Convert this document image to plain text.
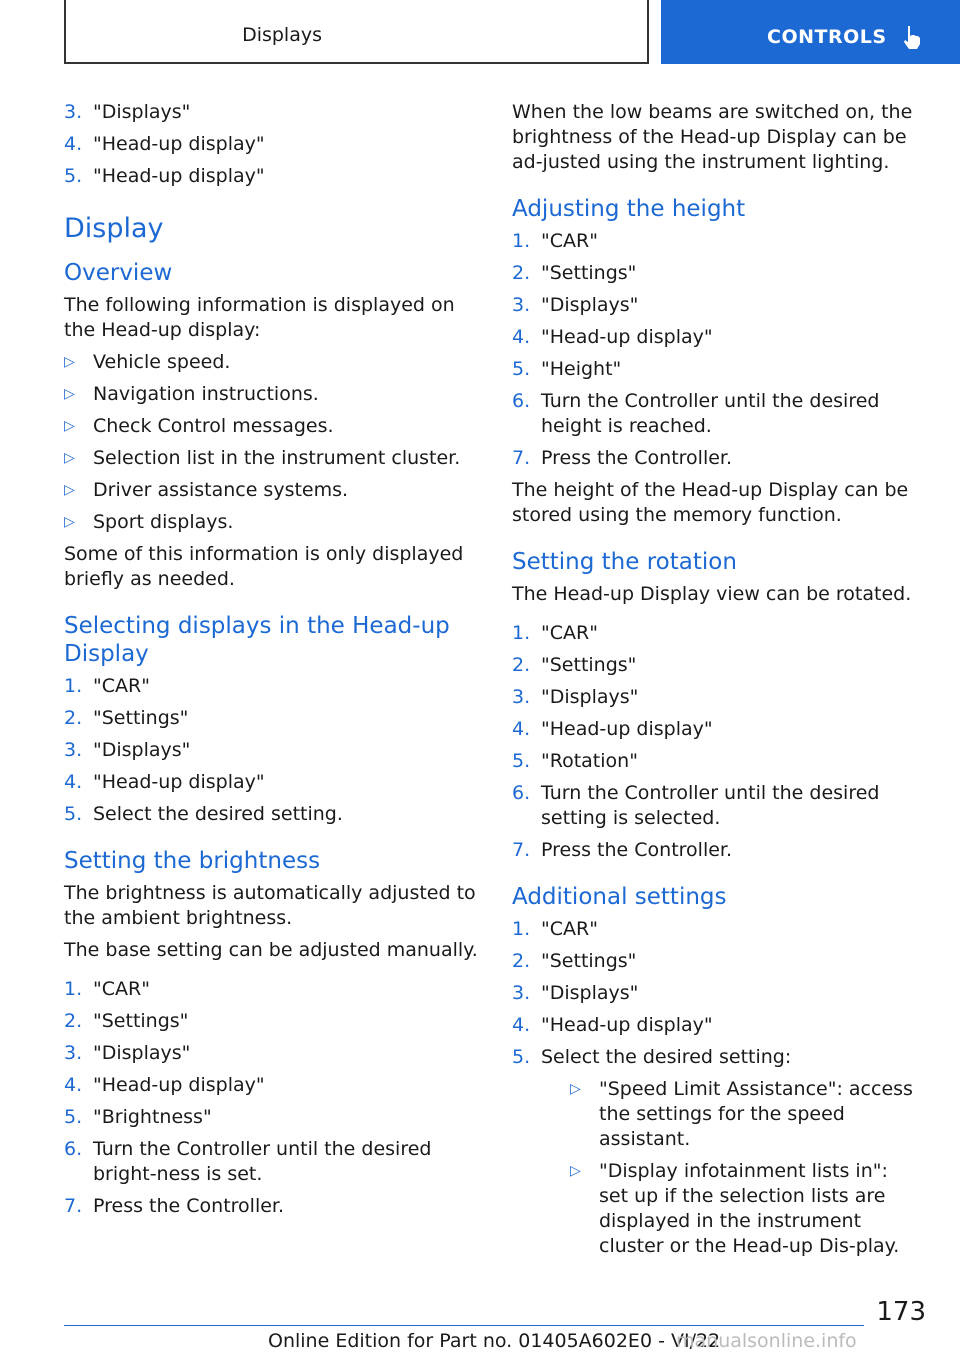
Displays	CONTROLS
3. "Displays"
4. "Head-up display"
5. "Head-up display"
Display
Overview
The following information is displayed on the Head-up display:
▷ Vehicle speed.
▷ Navigation instructions.
▷ Check Control messages.
▷ Selection list in the instrument cluster.
▷ Driver assistance systems.
▷ Sport displays.
Some of this information is only displayed briefly as needed.
Selecting displays in the Head-up Display
1. "CAR"
2. "Settings"
3. "Displays"
4. "Head-up display"
5. Select the desired setting.
Setting the brightness
The brightness is automatically adjusted to the ambient brightness.
The base setting can be adjusted manually.
1. "CAR"
2. "Settings"
3. "Displays"
4. "Head-up display"
5. "Brightness"
6. Turn the Controller until the desired bright‐ness is set.
7. Press the Controller.
When the low beams are switched on, the brightness of the Head-up Display can be ad‐justed using the instrument lighting.
Adjusting the height
1. "CAR"
2. "Settings"
3. "Displays"
4. "Head-up display"
5. "Height"
6. Turn the Controller until the desired height is reached.
7. Press the Controller.
The height of the Head-up Display can be stored using the memory function.
Setting the rotation
The Head-up Display view can be rotated.
1. "CAR"
2. "Settings"
3. "Displays"
4. "Head-up display"
5. "Rotation"
6. Turn the Controller until the desired setting is selected.
7. Press the Controller.
Additional settings
1. "CAR"
2. "Settings"
3. "Displays"
4. "Head-up display"
5. Select the desired setting:
▷ "Speed Limit Assistance": access the settings for the speed assistant.
▷ "Display infotainment lists in": set up if the selection lists are displayed in the instrument cluster or the Head-up Dis‐play.
173
Online Edition for Part no. 01405A602E0 - VI/22
manualsonline.info
